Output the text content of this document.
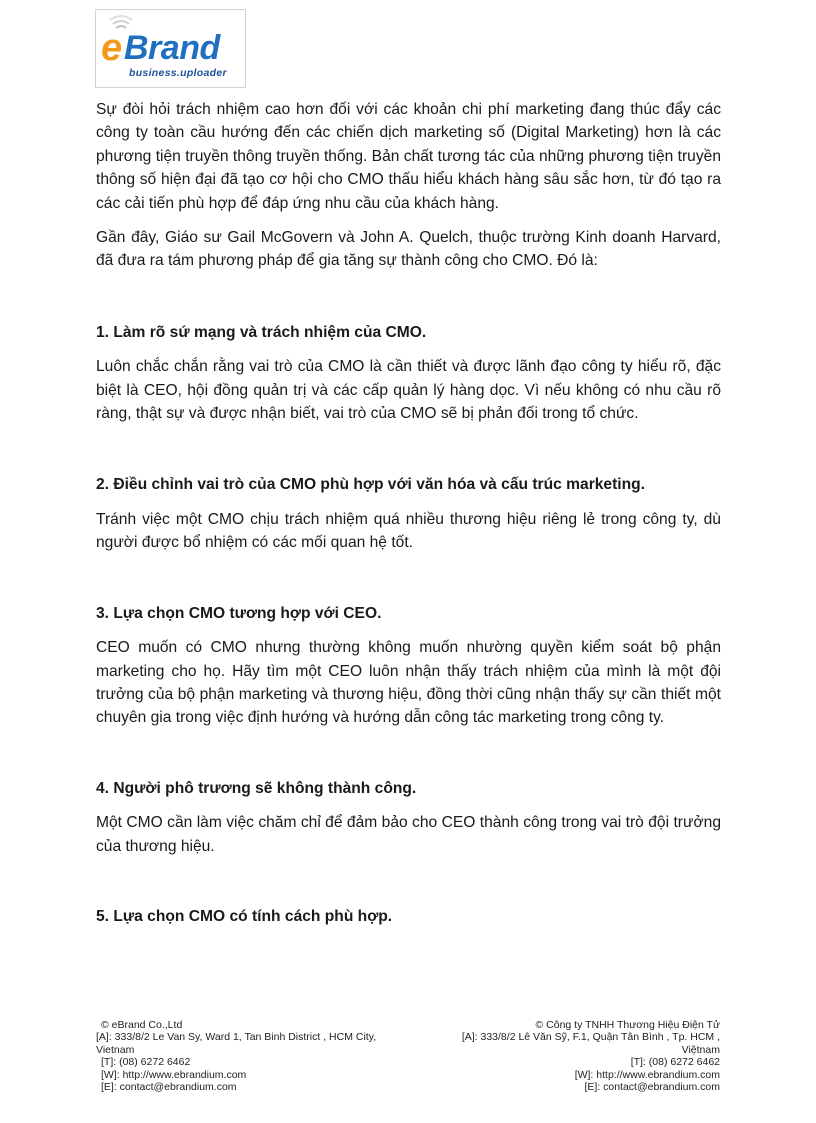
e Brand
business.uploader

Sự đòi hỏi trách nhiệm cao hơn đối với các khoản chi phí marketing đang thúc đẩy các công ty toàn cầu hướng đến các chiến dịch marketing số (Digital Marketing) hơn là các phương tiện truyền thông truyền thống. Bản chất tương tác của những phương tiện truyền thông số hiện đại đã tạo cơ hội cho CMO thấu hiểu khách hàng sâu sắc hơn, từ đó tạo ra các cải tiến phù hợp để đáp ứng nhu cầu của khách hàng.

Gần đây, Giáo sư Gail McGovern và John A. Quelch, thuộc trường Kinh doanh Harvard, đã đưa ra tám phương pháp để gia tăng sự thành công cho CMO. Đó là:

1. Làm rõ sứ mạng và trách nhiệm của CMO.

Luôn chắc chắn rằng vai trò của CMO là cần thiết và được lãnh đạo công ty hiểu rõ, đặc biệt là CEO, hội đồng quản trị và các cấp quản lý hàng dọc. Vì nếu không có nhu cầu rõ ràng, thật sự và được nhận biết, vai trò của CMO sẽ bị phản đối trong tổ chức.

2. Điều chỉnh vai trò của CMO phù hợp với văn hóa và cấu trúc marketing.

Tránh việc một CMO chịu trách nhiệm quá nhiều thương hiệu riêng lẻ trong công ty, dù người được bổ nhiệm có các mối quan hệ tốt.

3. Lựa chọn CMO tương hợp với CEO.

CEO muốn có CMO nhưng thường không muốn nhường quyền kiểm soát bộ phận marketing cho họ. Hãy tìm một CEO luôn nhận thấy trách nhiệm của mình là một đội trưởng của bộ phận marketing và thương hiệu, đồng thời cũng nhận thấy sự cần thiết một chuyên gia trong việc định hướng và hướng dẫn công tác marketing trong công ty.

4. Người phô trương sẽ không thành công.

Một CMO cần làm việc chăm chỉ để đảm bảo cho CEO thành công trong vai trò đội trưởng của thương hiệu.

5. Lựa chọn CMO có tính cách phù hợp.
© eBrand Co.,Ltd
[A]: 333/8/2 Le Van Sy, Ward 1, Tan Binh District , HCM City, Vietnam
[T]: (08) 6272 6462
[W]: http://www.ebrandium.com
[E]: contact@ebrandium.com
© Công ty TNHH Thương Hiệu Điện Tử
[A]: 333/8/2 Lê Văn Sỹ, F.1, Quận Tân Bình , Tp. HCM , Việtnam
[T]: (08) 6272 6462
[W]: http://www.ebrandium.com
[E]: contact@ebrandium.com
